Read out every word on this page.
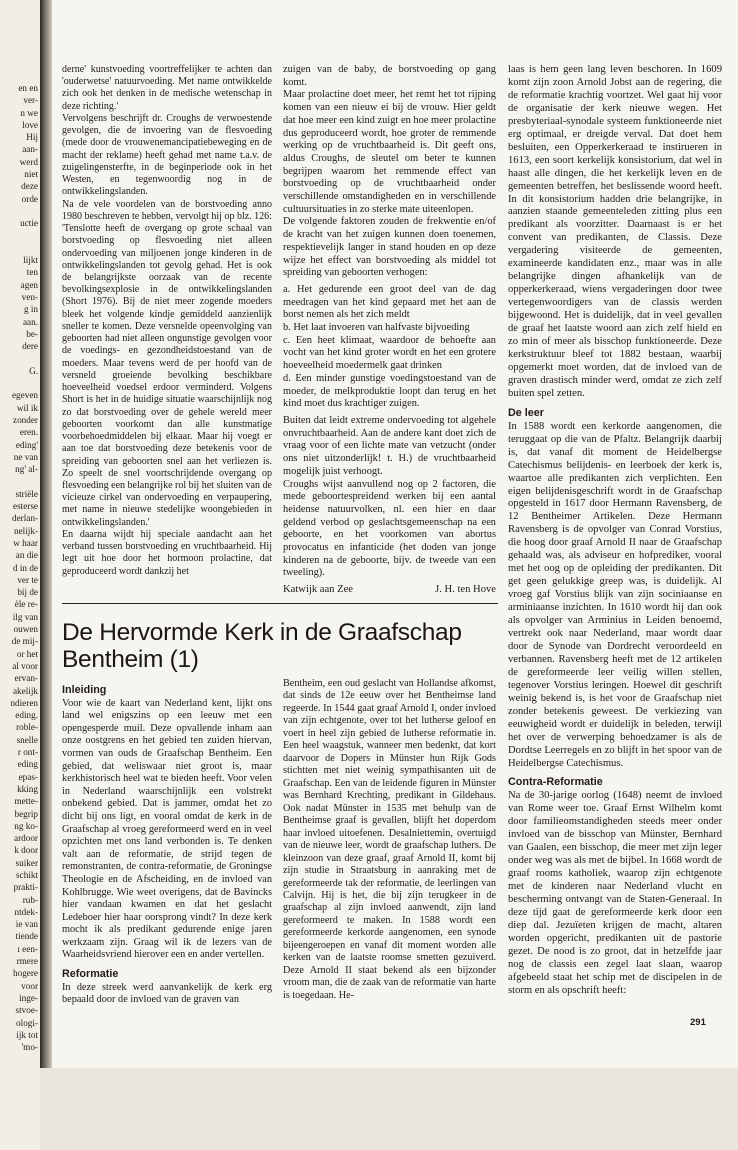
en en
ver-
n we
love
Hij
aan-
werd
niet
deze
orde

uctie

lijkt
ten
agen
ven-
g in
aan.
be-
dere

G.

egeven
wil ik
zonder
eren.
eding'
ne van
ng' al-

striële
esterse
derlan-
nelijk-
w haar
an die
d in de
ver te
bij de
èle re-
ilg van
ouwen
de mij-
or het
al voor
ervan-
akelijk
ndieren
eding.
roble-
snelle
r ont-
eding
epas-
kking
mette-
begrip
ng ko-
ardoor
k door
suiker
schikt
prakti-
rub-
ntdek-
ie van
tiende
ı een-
rmere
hogere
voor
inge-
stvoe-
ologi-
ijk tot
'mo-

derne' kunstvoeding voortreffelijker te achten dan 'ouderwetse' natuurvoeding. Met name ontwikkelde zich ook het denken in de medische wetenschap in deze richting.'

Vervolgens beschrijft dr. Croughs de verwoestende gevolgen, die de invoering van de flesvoeding (mede door de vrouwenemancipatiebeweging en de macht der reklame) heeft gehad met name t.a.v. de zuigelingensterfte, in de beginperiode ook in het Westen, en tegenwoordig nog in de ontwikkelingslanden.

Na de vele voordelen van de borstvoeding anno 1980 beschreven te hebben, vervolgt hij op blz. 126:

'Tenslotte heeft de overgang op grote schaal van borstvoeding op flesvoeding niet alleen ondervoeding van miljoenen jonge kinderen in de ontwikkelingslanden tot gevolg gehad. Het is ook de belangrijkste oorzaak van de recente bevolkingsexplosie in de ontwikkelingslanden (Short 1976). Bij de niet meer zogende moeders bleek het volgende kindje gemiddeld aanzienlijk sneller te komen. Deze versnelde opeenvolging van geboorten had niet alleen ongunstige gevolgen voor de voedings- en gezondheidstoestand van de moeders. Maar tevens werd de per hoofd van de versneld groeiende bevolking beschikbare hoeveelheid voedsel erdoor verminderd. Volgens Short is het in de huidige situatie waarschijnlijk nog zo dat borstvoeding over de gehele wereld meer geboorten voorkomt dan alle kunstmatige voorbehoedmiddelen bij elkaar. Maar hij voegt er aan toe dat borstvoeding deze betekenis voor de spreiding van geboorten snel aan het verliezen is. Zo speelt de snel voortschrijdende overgang op flesvoeding een belangrijke rol bij het sluiten van de vicieuze cirkel van ondervoeding en verpaupering, met name in nieuwe stedelijke woongebieden in ontwikkelingslanden.'

En daarna wijdt hij speciale aandacht aan het verband tussen borstvoeding en vruchtbaarheid. Hij legt uit hoe door het hormoon prolactine, dat geproduceerd wordt dankzij het

zuigen van de baby, de borstvoeding op gang komt.

Maar prolactine doet meer, het remt het tot rijping komen van een nieuw ei bij de vrouw. Hier geldt dat hoe meer een kind zuigt en hoe meer prolactine dus geproduceerd wordt, hoe groter de remmende werking op de vruchtbaarheid is. Dit geeft ons, aldus Croughs, de sleutel om beter te kunnen begrijpen waarom het remmende effect van borstvoeding op de vruchtbaarheid onder verschillende omstandigheden en in verschillende cultuursituaties in zo sterke mate uiteenlopen.

De volgende faktoren zouden de frekwentie en/of de kracht van het zuigen kunnen doen toenemen, respektievelijk langer in stand houden en op deze wijze het effect van borstvoeding als middel tot spreiding van geboorten verhogen:

a. Het gedurende een groot deel van de dag meedragen van het kind gepaard met het aan de borst nemen als het zich meldt
b. Het laat invoeren van halfvaste bijvoeding
c. Een heet klimaat, waardoor de behoefte aan vocht van het kind groter wordt en het een grotere hoeveelheid moedermelk gaat drinken
d. Een minder gunstige voedingstoestand van de moeder, de melkproduktie loopt dan terug en het kind moet dus krachtiger zuigen.

Buiten dat leidt extreme ondervoeding tot algehele onvruchtbaarheid. Aan de andere kant doet zich de vraag voor of een lichte mate van vetzucht (onder ons niet uitzonderlijk! t. H.) de vruchtbaarheid mogelijk juist verhoogt.

Croughs wijst aanvullend nog op 2 factoren, die mede geboortespreidend werken bij een aantal heidense natuurvolken, nl. een hier en daar geldend verbod op geslachtsgemeenschap na een geboorte, en het voorkomen van abortus provocatus en infanticide (het doden van jonge kinderen na de geboorte, bijv. de tweede van een tweeling).

Katwijk aan Zee	J. H. ten Hove
De Hervormde Kerk in de Graafschap Bentheim (1)
Inleiding

Voor wie de kaart van Nederland kent, lijkt ons land wel enigszins op een leeuw met een opengesperde muil. Deze opvallende inham aan onze oostgrens en het gebied ten zuiden hiervan, vormen van ouds de Graafschap Bentheim. Een gebied, dat weliswaar niet groot is, maar kerkhistorisch heel wat te bieden heeft. Voor velen in Nederland waarschijnlijk een volstrekt onbekend gebied. Dat is jammer, omdat het zo dicht bij ons ligt, en vooral omdat de kerk in de Graafschap al vroeg gereformeerd werd en in veel opzichten met ons land verbonden is. Te denken valt aan de reformatie, de strijd tegen de remonstranten, de contra-reformatie, de Groningse Theologie en de Afscheiding, en de invloed van Kohlbrugge. Wie weet overigens, dat de Bavincks hier vandaan kwamen en dat het geslacht Ledeboer hier haar oorsprong vindt? In deze kerk mocht ik als predikant gedurende enige jaren werkzaam zijn. Graag wil ik de lezers van de Waarheidsvriend hierover een en ander vertellen.

Reformatie

In deze streek werd aanvankelijk de kerk erg bepaald door de invloed van de graven van

Bentheim, een oud geslacht van Hollandse afkomst, dat sinds de 12e eeuw over het Bentheimse land regeerde. In 1544 gaat graaf Arnold I, onder invloed van zijn echtgenote, over tot het lutherse geloof en voert in heel zijn gebied de lutherse reformatie in. Een heel waagstuk, wanneer men bedenkt, dat kort daarvoor de Dopers in Münster hun Rijk Gods stichtten met niet weinig sympathisanten uit de Graafschap. Een van de leidende figuren in Münster was Bernhard Krechting, predikant in Gildehaus. Ook nadat Münster in 1535 met behulp van de Bentheimse graaf is gevallen, blijft het doperdom haar invloed uitoefenen. Desalniettemin, overtuigd van de nieuwe leer, wordt de graafschap luthers. De kleinzoon van deze graaf, graaf Arnold II, komt bij zijn studie in Straatsburg in aanraking met de gereformeerde tak der reformatie, de leerlingen van Calvijn. Hij is het, die bij zijn terugkeer in de graafschap al zijn invloed aanwendt, zijn land gereformeerd te maken. In 1588 wordt een gereformeerde kerkorde aangenomen, een synode bijeengeroepen en vanaf dit moment worden alle kerken van de laatste roomse smetten gezuiverd. Deze Arnold II staat bekend als een bijzonder vroom man, die de zaak van de reformatie van harte is toegedaan. He-

laas is hem geen lang leven beschoren. In 1609 komt zijn zoon Arnold Jobst aan de regering, die de reformatie krachtig voortzet. Wel gaat hij voor de organisatie der kerk nieuwe wegen. Het presbyteriaal-synodale systeem funktioneerde niet erg optimaal, er dreigde verval. Dat doet hem besluiten, een Opperkerkeraad te instirueren in 1613, een soort kerkelijk konsistorium, dat wel in haast alle dingen, die het kerkelijk leven en de gemeenten betreffen, het beslissende woord heeft. In dit konsistorium hadden drie belangrijke, in aanzien staande gemeenteleden zitting plus een predikant als voorzitter. Daarnaast is er het convent van predikanten, de Classis. Deze vergadering visiteerde de gemeenten, examineerde kandidaten enz., maar was in alle belangrijke dingen afhankelijk van de opperkerkeraad, wiens vergaderingen door twee vertegenwoordigers van de classis werden bijgewoond. Het is duidelijk, dat in veel gevallen de graaf het laatste woord aan zich zelf hield en zo min of meer als bisschop funktioneerde. Deze kerkstruktuur bleef tot 1882 bestaan, waarbij opgemerkt moet worden, dat de invloed van de graven drastisch minder werd, omdat ze zich zelf buiten spel zetten.

De leer

In 1588 wordt een kerkorde aangenomen, die teruggaat op die van de Pfaltz. Belangrijk daarbij is, dat vanaf dit moment de Heidelbergse Catechismus belijdenis- en leerboek der kerk is, waartoe alle predikanten zich verplichten. Een eigen belijdenisgeschrift wordt in de Graafschap opgesteld in 1617 door Hermann Ravensberg, de 12 Bentheimer Artikelen. Deze Hermann Ravensberg is de opvolger van Conrad Vorstius, die hoog door graaf Arnold II naar de Graafschap gehaald was, als adviseur en hofprediker, vooral met het oog op de opleiding der predikanten. Dit get geen gelukkige greep was, is duidelijk. Al vroeg gaf Vorstius blijk van zijn sociniaanse en arminiaanse inzichten. In 1610 wordt hij dan ook als opvolger van Arminius in Leiden benoemd, vertrekt ook naar Nederland, maar wordt daar door de Synode van Dordrecht veroordeeld en verbannen. Ravensberg heeft met de 12 artikelen de gereformeerde leer veilig willen stellen, tegenover Vorstius leringen. Hoewel dit geschrift weinig bekend is, is het voor de Graafschap niet zonder betekenis geweest. De verkiezing van eeuwigheid wordt er duidelijk in beleden, terwijl het over de verwerping behoedzamer is als de Dordtse Leerregels en zo blijft in het spoor van de Heidelbergse Catechismus.

Contra-Reformatie

Na de 30-jarige oorlog (1648) neemt de invloed van Rome weer toe. Graaf Ernst Wilhelm komt door familieomstandigheden steeds meer onder invloed van de bisschop van Münster, Bernhard van Gaalen, een bisschop, die meer met zijn leger onder weg was als met de bijbel. In 1668 wordt de graaf rooms katholiek, waarop zijn echtgenote met de kinderen naar Nederland vlucht en bescherming ontvangt van de Staten-Generaal. In deze tijd gaat de gereformeerde kerk door een diep dal. Jezuïeten krijgen de macht, altaren worden opgericht, predikanten uit de pastorie gezet. De nood is zo groot, dat in hetzelfde jaar nog de classis een zegel laat slaan, waarop afgebeeld staat het schip met de discipelen in de storm en als opschrift heeft:

291
